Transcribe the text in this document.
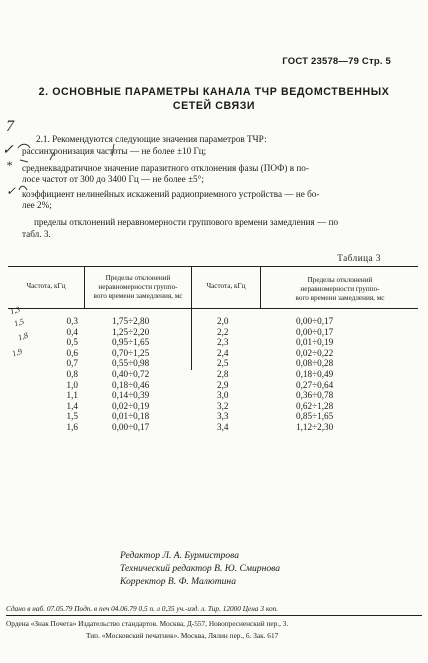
ГОСТ 23578—79 Стр. 5
2. ОСНОВНЫЕ ПАРАМЕТРЫ КАНАЛА ТЧР ВЕДОМСТВЕННЫХ
СЕТЕЙ СВЯЗИ
2.1. Рекомендуются следующие значения параметров ТЧР:
рассинхронизация частоты — не более ±10 Гц;
среднеквадратичное значение паразитного отклонения фазы (ПОФ) в по-
лосе частот от 300 до 3400 Гц — не более ±5°;
коэффициент нелинейных искажений радиоприемного устройства — не бо-
лее 2%;
пределы отклонений неравномерности группового времени замедления — по
табл. 3.
7
✓
*
✓
Таблица 3
Частота, кГц
Пределы отклонений
неравномерности группо-
вого времени замедления, мс
Частота, кГц
Пределы отклонений
неравномерности группо-
вого времени замедления, мс
0,3
0,4
0,5
0,6
0,7
0,8
1,0
1,1
1,4
1,5
1,6
1,75÷2,80
1,25÷2,20
0,95÷1,65
0,70÷1,25
0,55÷0,98
0,40÷0,72
0,18÷0,46
0,14÷0,39
0,02÷0,19
0,01÷0,18
0,00÷0,17
2,0
2,2
2,3
2,4
2,5
2,8
2,9
3,0
3,2
3,3
3,4
0,00÷0,17
0,00÷0,17
0,01÷0,19
0,02÷0,22
0,08÷0,28
0,18÷0,49
0,27÷0,64
0,36÷0,78
0,62÷1,28
0,85÷1,65
1,12÷2,30
1,5
1,8
1,9
1,3
Редактор Л. А. Бурмистрова
Технический редактор В. Ю. Смирнова
Корректор В. Ф. Малютина
Сдано в наб. 07.05.79 Подп. в печ 04.06.79 0,5 п. л 0,35 уч.-изд. л. Тир. 12000 Цена 3 коп.
Ордена «Знак Почета» Издательство стандартов. Москва, Д-557, Новопресненский пер., 3.
Тип. «Московский печатник». Москва, Лялин пер., 6. Зак. 617
